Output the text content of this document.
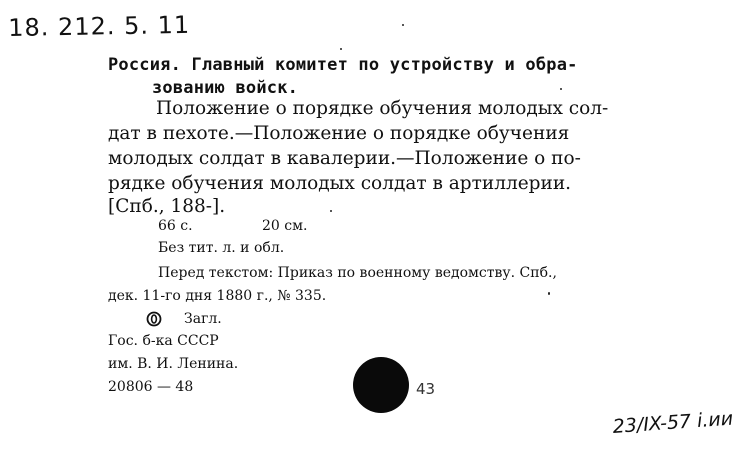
18. 212. 5. 11
Россия. Главный комитет по устройству и обра-
зованию войск.
Положение о порядке обучения молодых сол-
дат в пехоте.—Положение о порядке обучения
молодых солдат в кавалерии.—Положение о по-
рядке обучения молодых солдат в артиллерии.
[Спб., 188-].
66 с.	20 см.
Без тит. л. и обл.
Перед текстом: Приказ по военному ведомству. Спб.,
дек. 11-го дня 1880 г., № 335.
Загл.
Гос. б-ка СССР
им. В. И. Ленина.
20806 — 48	43
23/IX-57 i.ии
